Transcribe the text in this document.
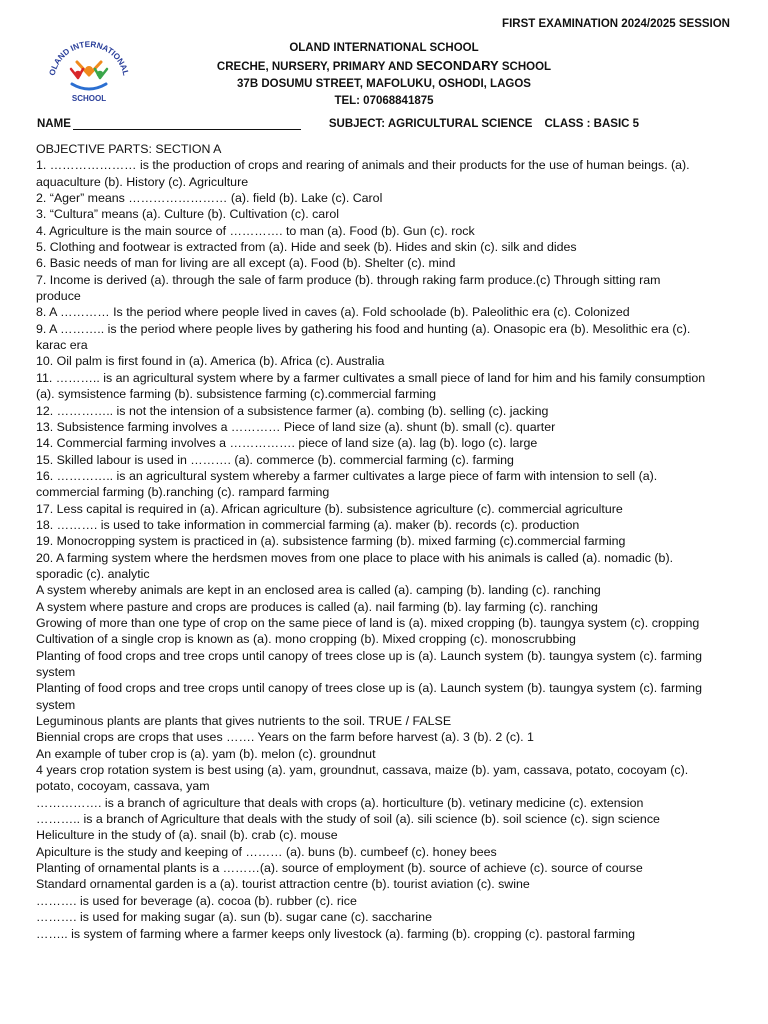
FIRST EXAMINATION 2024/2025 SESSION
OLAND INTERNATIONAL
SCHOOL
OLAND INTERNATIONAL SCHOOL
CRECHE, NURSERY, PRIMARY AND SECONDARY SCHOOL
37B DOSUMU STREET, MAFOLUKU, OSHODI, LAGOS
TEL: 07068841875
NAME	SUBJECT: AGRICULTURAL SCIENCE CLASS : BASIC 5

OBJECTIVE PARTS: SECTION A

1. ………………… is the production of crops and rearing of animals and their products for the use of human beings. (a). aquaculture (b). History (c). Agriculture

2. “Ager” means …………………… (a). field (b). Lake (c). Carol

3. “Cultura” means (a). Culture (b). Cultivation (c). carol

4. Agriculture is the main source of …………. to man (a). Food (b). Gun (c). rock

5. Clothing and footwear is extracted from (a). Hide and seek (b). Hides and skin (c). silk and dides

6. Basic needs of man for living are all except (a). Food (b). Shelter (c). mind

7. Income is derived (a). through the sale of farm produce (b). through raking farm produce.(c) Through sitting ram produce

8. A ………… Is the period where people lived in caves (a). Fold schoolade (b). Paleolithic era (c). Colonized

9. A ……….. is the period where people lives by gathering his food and hunting (a). Onasopic era (b). Mesolithic era (c). karac era

10. Oil palm is first found in (a). America (b). Africa (c). Australia

11. ……….. is an agricultural system where by a farmer cultivates a small piece of land for him and his family consumption (a). symsistence farming (b). subsistence farming (c).commercial farming

12. ………….. is not the intension of a subsistence farmer (a). combing (b). selling (c). jacking

13. Subsistence farming involves a ………… Piece of land size (a). shunt (b). small (c). quarter

14. Commercial farming involves a ……………. piece of land size (a). lag (b). logo (c). large

15. Skilled labour is used in ………. (a). commerce (b). commercial farming (c). farming

16. ………….. is an agricultural system whereby a farmer cultivates a large piece of farm with intension to sell (a). commercial farming (b).ranching (c). rampard farming

17. Less capital is required in (a). African agriculture (b). subsistence agriculture (c). commercial agriculture

18. ………. is used to take information in commercial farming (a). maker (b). records (c). production

19. Monocropping system is practiced in (a). subsistence farming (b). mixed farming (c).commercial farming

20. A farming system where the herdsmen moves from one place to place with his animals is called (a). nomadic (b). sporadic (c). analytic

A system whereby animals are kept in an enclosed area is called (a). camping (b). landing (c). ranching

A system where pasture and crops are produces is called (a). nail farming (b). lay farming (c). ranching

Growing of more than one type of crop on the same piece of land is (a). mixed cropping (b). taungya system (c). cropping

Cultivation of a single crop is known as (a). mono cropping (b). Mixed cropping (c). monoscrubbing

Planting of food crops and tree crops until canopy of trees close up is (a). Launch system (b). taungya system (c). farming system

Planting of food crops and tree crops until canopy of trees close up is (a). Launch system (b). taungya system (c). farming system

Leguminous plants are plants that gives nutrients to the soil. TRUE / FALSE

Biennial crops are crops that uses ……. Years on the farm before harvest (a). 3 (b). 2 (c). 1

An example of tuber crop is (a). yam (b). melon (c). groundnut

4 years crop rotation system is best using (a). yam, groundnut, cassava, maize (b). yam, cassava, potato, cocoyam (c). potato, cocoyam, cassava, yam

……………. is a branch of agriculture that deals with crops (a). horticulture (b). vetinary medicine (c). extension

……….. is a branch of Agriculture that deals with the study of soil (a). sili science (b). soil science (c). sign science

Heliculture in the study of (a). snail (b). crab (c). mouse

Apiculture is the study and keeping of ……… (a). buns (b). cumbeef (c). honey bees

Planting of ornamental plants is a ………(a). source of employment (b). source of achieve (c). source of course

Standard ornamental garden is a (a). tourist attraction centre (b). tourist aviation (c). swine

………. is used for beverage (a). cocoa (b). rubber (c). rice

………. is used for making sugar (a). sun (b). sugar cane (c). saccharine

…….. is system of farming where a farmer keeps only livestock (a). farming (b). cropping (c). pastoral farming
